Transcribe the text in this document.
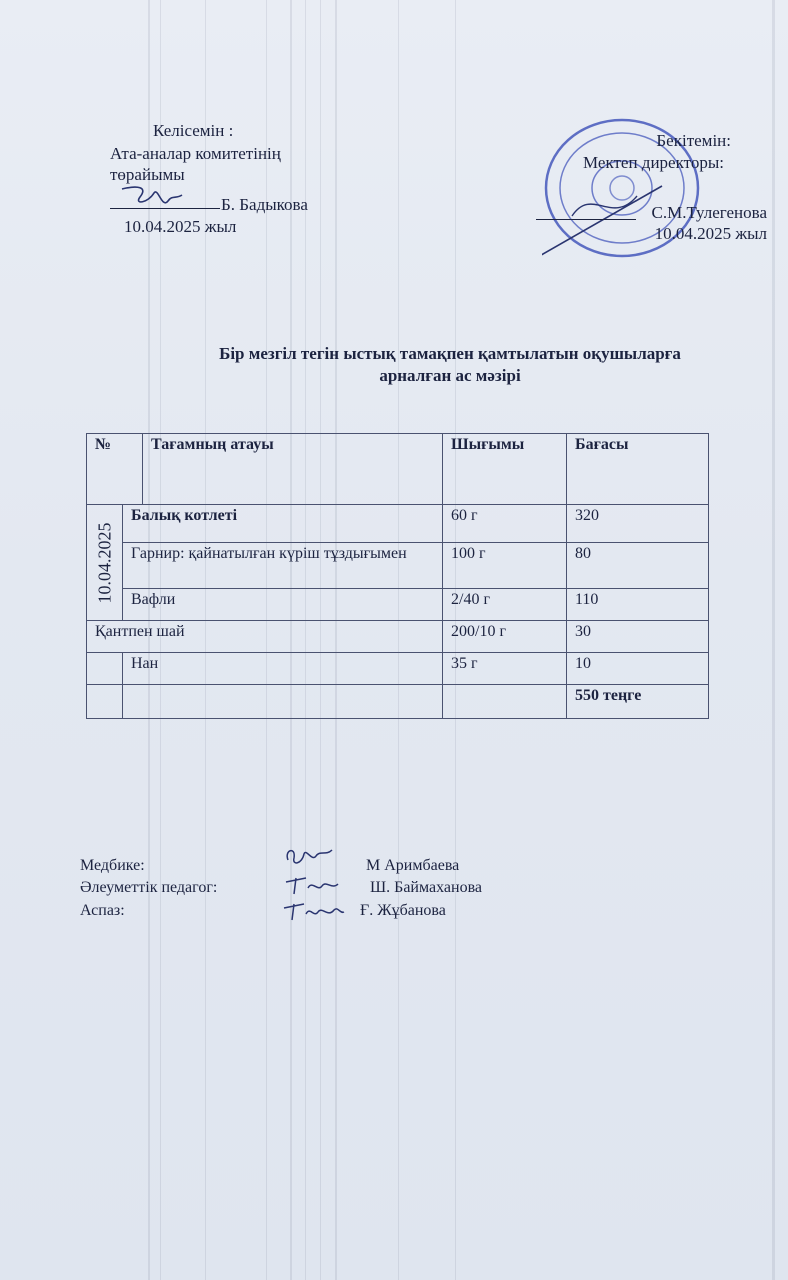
Келісемін :
Ата-аналар комитетінің
төрайымы
Б. Бадыкова
10.04.2025 жыл
Бекітемін:
Мектеп директоры:
С.М.Тулегенова
10.04.2025 жыл
Бір мезгіл тегін ыстық тамақпен қамтылатын оқушыларға
арналған ас мәзірі
№		Тағамның атауы	Шығымы	Бағасы

10.04.2025	Балық котлеті		60 г	320
	Гарнир: қайнатылған күріш тұздығымен		100 г	80
	Вафли		2/40 г	110
Қантпен шай			200/10 г	30
	Нан		35 г	10
				550 теңге
Медбике:	М Аримбаева
Әлеуметтік педагог:	Ш. Баймаханова
Аспаз:	Ғ. Жұбанова
